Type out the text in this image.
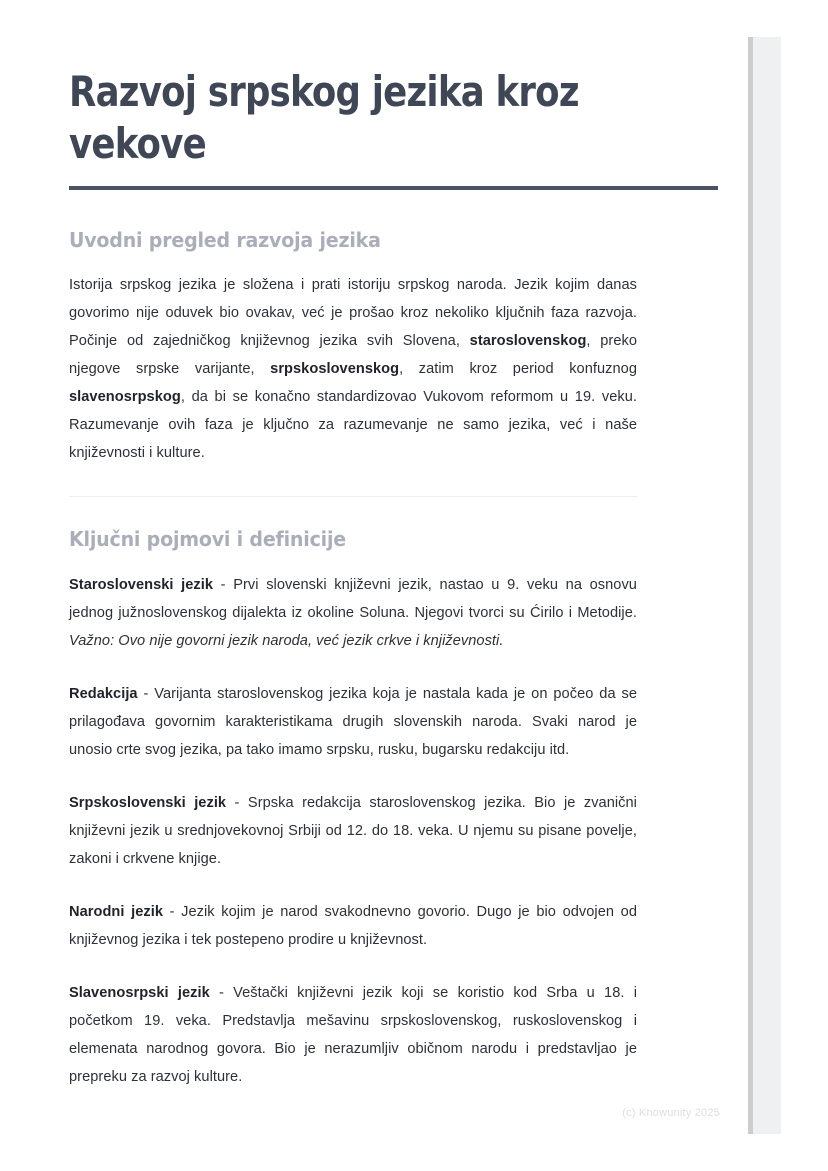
Razvoj srpskog jezika kroz vekove
Uvodni pregled razvoja jezika

Istorija srpskog jezika je složena i prati istoriju srpskog naroda. Jezik kojim danas govorimo nije oduvek bio ovakav, već je prošao kroz nekoliko ključnih faza razvoja. Počinje od zajedničkog književnog jezika svih Slovena, staroslovenskog, preko njegove srpske varijante, srpskoslovenskog, zatim kroz period konfuznog slavenosrpskog, da bi se konačno standardizovao Vukovom reformom u 19. veku. Razumevanje ovih faza je ključno za razumevanje ne samo jezika, već i naše književnosti i kulture.

Ključni pojmovi i definicije

Staroslovenski jezik - Prvi slovenski književni jezik, nastao u 9. veku na osnovu jednog južnoslovenskog dijalekta iz okoline Soluna. Njegovi tvorci su Ćirilo i Metodije. Važno: Ovo nije govorni jezik naroda, već jezik crkve i književnosti.

Redakcija - Varijanta staroslovenskog jezika koja je nastala kada je on počeo da se prilagođava govornim karakteristikama drugih slovenskih naroda. Svaki narod je unosio crte svog jezika, pa tako imamo srpsku, rusku, bugarsku redakciju itd.

Srpskoslovenski jezik - Srpska redakcija staroslovenskog jezika. Bio je zvanični književni jezik u srednjovekovnoj Srbiji od 12. do 18. veka. U njemu su pisane povelje, zakoni i crkvene knjige.

Narodni jezik - Jezik kojim je narod svakodnevno govorio. Dugo je bio odvojen od književnog jezika i tek postepeno prodire u književnost.

Slavenosrpski jezik - Veštački književni jezik koji se koristio kod Srba u 18. i početkom 19. veka. Predstavlja mešavinu srpskoslovenskog, ruskoslovenskog i elemenata narodnog govora. Bio je nerazumljiv običnom narodu i predstavljao je prepreku za razvoj kulture.

(c) Knowunity 2025
